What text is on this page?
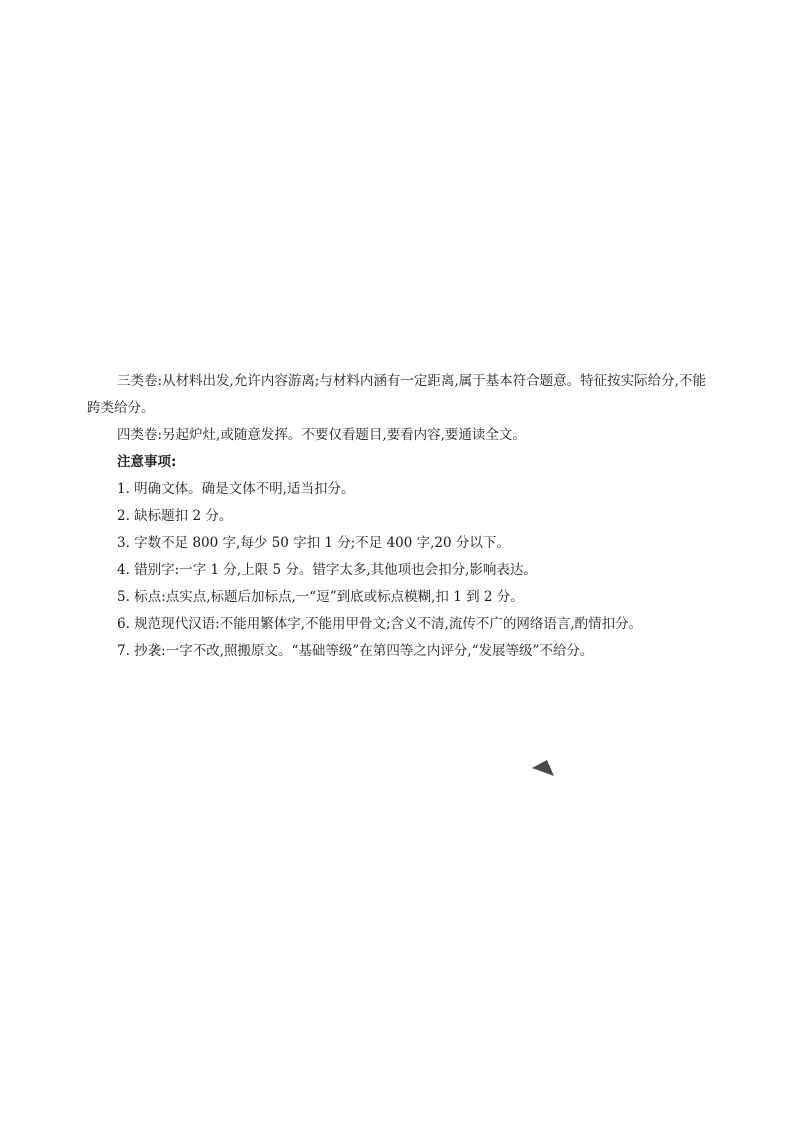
三类卷:从材料出发,允许内容游离;与材料内涵有一定距离,属于基本符合题意。特征按实际给分,不能

跨类给分。

四类卷:另起炉灶,或随意发挥。不要仅看题目,要看内容,要通读全文。

注意事项:

1. 明确文体。确是文体不明,适当扣分。

2. 缺标题扣 2 分。

3. 字数不足 800 字,每少 50 字扣 1 分;不足 400 字,20 分以下。

4. 错别字:一字 1 分,上限 5 分。错字太多,其他项也会扣分,影响表达。

5. 标点:点实点,标题后加标点,一“逗”到底或标点模糊,扣 1 到 2 分。

6. 规范现代汉语:不能用繁体字,不能用甲骨文;含义不清,流传不广的网络语言,酌情扣分。

7. 抄袭:一字不改,照搬原文。“基础等级”在第四等之内评分,“发展等级”不给分。
